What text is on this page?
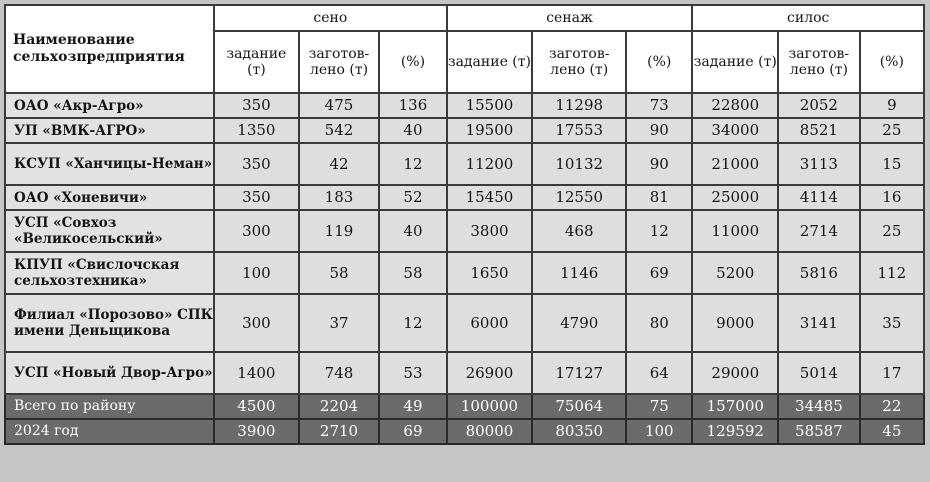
Наименование сельхозпредприятия	сено			сенаж			силос		
	задание (т)	заготов-лено (т)	(%)	задание (т)	заготов-лено (т)	(%)	задание (т)	заготов-лено (т)	(%)
ОАО «Акр-Агро»	350	475	136	15500	11298	73	22800	2052	9
УП «ВМК-АГРО»	1350	542	40	19500	17553	90	34000	8521	25
КСУП «Ханчицы-Неман»	350	42	12	11200	10132	90	21000	3113	15
ОАО «Хоневичи»	350	183	52	15450	12550	81	25000	4114	16
УСП «Совхоз «Великосельский»	300	119	40	3800	468	12	11000	2714	25
КПУП «Свислочская сельхозтехника»	100	58	58	1650	1146	69	5200	5816	112
Филиал «Порозово» СПК имени Деньщикова	300	37	12	6000	4790	80	9000	3141	35
УСП «Новый Двор-Агро»	1400	748	53	26900	17127	64	29000	5014	17
Всего по району	4500	2204	49	100000	75064	75	157000	34485	22
2024 год	3900	2710	69	80000	80350	100	129592	58587	45
